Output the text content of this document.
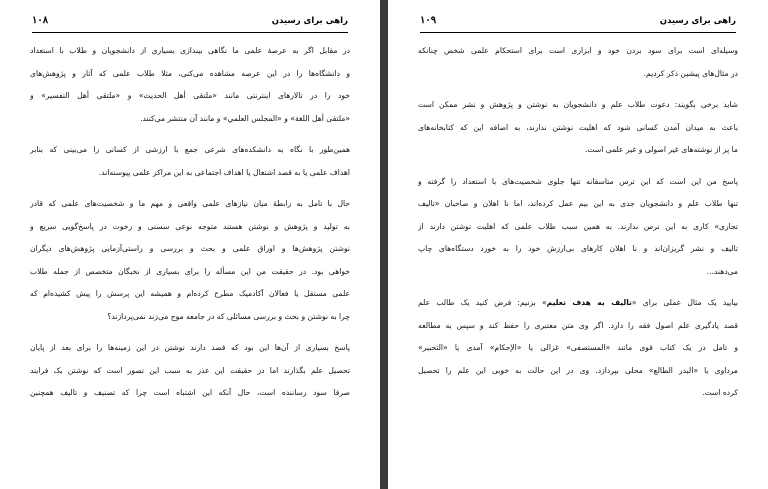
راهی برای رسیدن
۱۰۸
در مقابل اگر به عرصهٔ علمی ما نگاهی بیندازی بسیاری از دانشجویان و طلاب با استعداد
و دانشگاه‌ها را در این عرصه مشاهده می‌کنی، مثلا طلاب علمی که آثار و پژوهش‌های
خود را در تالارهای اینترنتی مانند «ملتقی أهل الحدیث» و «ملتقی أهل التفسیر» و
«ملتقی أهل اللغة» و «المجلس العلمي» و مانند آن منتشر می‌کنند.
همین‌طور با نگاه به دانشکده‌های شرعی جمع با ارزشی از کسانی را می‌بینی که بنابر
اهداف علمی یا به قصد اشتغال یا اهداف اجتماعی به این مراکز علمی پیوسته‌اند.
حال با تامل به رابطهٔ میان نیازهای علمی واقعی و مهم ما و شخصیت‌های علمی که قادر
به تولید و پژوهش و نوشتن هستند متوجه نوعی سستی و رخوت در پاسخ‌گویی سریع و
نوشتن پژوهش‌ها و اوراق علمی و بحث و بررسی و راستی‌آزمایی پژوهش‌های دیگران
خواهی بود. در حقیقت من این مسأله را برای بسیاری از نخبگان متخصص از جمله طلاب
علمی مستقل یا فعالان آکادمیک مطرح کرده‌ام و همیشه این پرسش را پیش کشیده‌ام که
چرا به نوشتن و بحث و بررسی مسائلی که در جامعه موج می‌زند نمی‌پردازند؟
پاسخ بسیاری از آن‌ها این بود که قصد دارند نوشتن در این زمینه‌ها را برای بعد از پایان
تحصیل علم بگذارند اما در حقیقت این عذر به سبب این تصور است که نوشتن یک فرایند
صرفا سود رساننده است، حال آنکه این اشتباه است چرا که تصنیف و تالیف همچنین
راهی برای رسیدن
۱۰۹
وسیله‌ای است برای سود بردن خود و ابزاری است برای استحکام علمی شخص چنانکه
در مثال‌های پیشین ذکر کردیم.
شاید برخی بگویند: دعوت طلاب علم و دانشجویان به نوشتن و پژوهش و نشر ممکن است
باعث به میدان آمدن کسانی شود که اهلیت نوشتن ندارند، به اضافه این که کتابخانه‌های
ما پر از نوشته‌های غیر اصولی و غیر علمی است.
پاسخ من این است که این ترس متاسفانه تنها جلوی شخصیت‌های با استعداد را گرفته و
تنها طلاب علم و دانشجویان جدی به این بیم عمل کرده‌اند، اما نا اهلان و صاحبان «تالیف
تجاری» کاری به این ترس ندارند. به همین سبب طلاب علمی که اهلیت نوشتن دارند از
تالیف و نشر گریزان‌اند و نا اهلان کارهای بی‌ارزش خود را به خورد دستگاه‌های چاپ
می‌دهند...
بیایید یک مثال عملی برای «تالیف به هدف تعلیم» بزنیم: فرض کنید یک طالب علم
قصد یادگیری علم اصول فقه را دارد. اگر وی متن معتبری را حفظ کند و سپس به مطالعه
و تامل در یک کتاب قوی مانند «المستصفی» غزالی یا «الإحکام» آمدی یا «التحبیر»
مرداوی یا «البدر الطالع» محلی بپردازد. وی در این حالت به خوبی این علم را تحصیل
کرده است.
